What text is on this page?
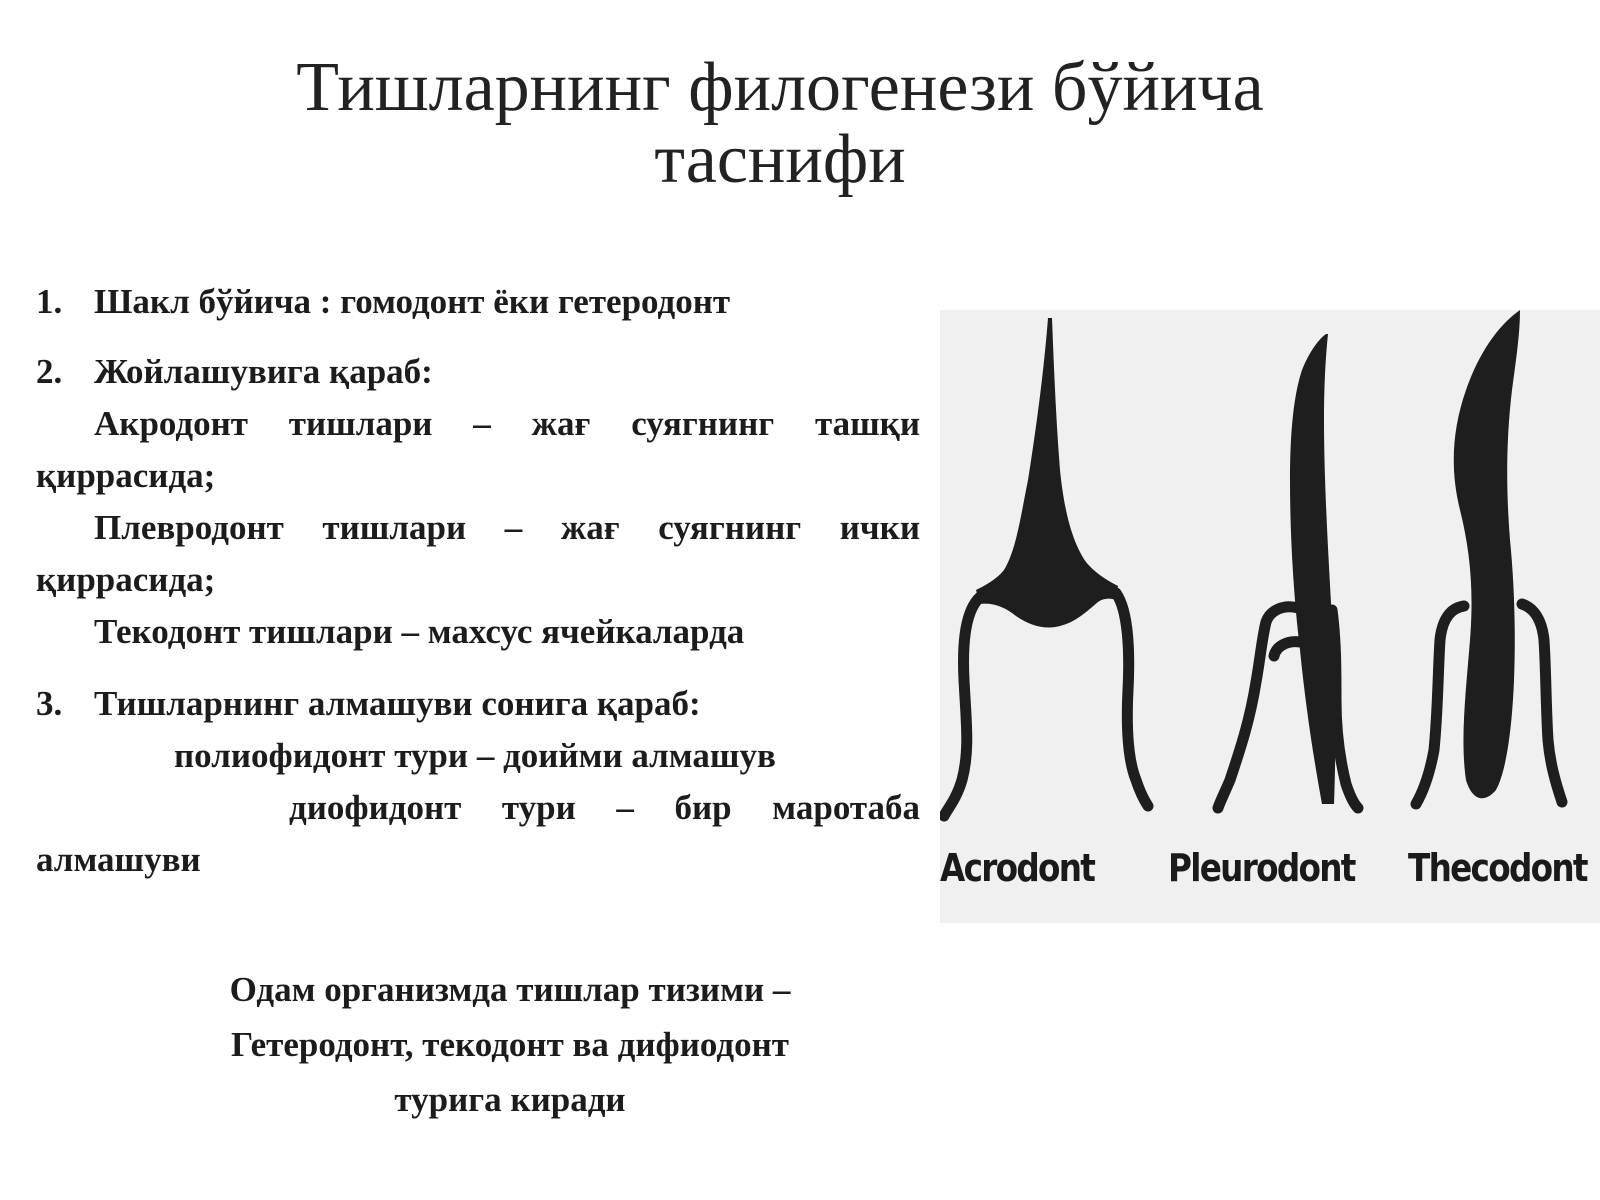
Тишларнинг филогенези бўйича
таснифи
1. Шакл бўйича : гомодонт ёки гетеродонт
2. Жойлашувига қараб:
Акродонт тишлари – жағ суягнинг ташқи қиррасида;
Плевродонт тишлари – жағ суягнинг ички қиррасида;
Текодонт тишлари – махсус ячейкаларда
3. Тишларнинг алмашуви сонига қараб:
полиофидонт тури – доийми алмашув
диофидонт тури – бир маротаба алмашуви
Одам организмда тишлар тизими –
Гетеродонт, текодонт ва дифиодонт
турига киради
Acrodont Pleurodont Thecodont
